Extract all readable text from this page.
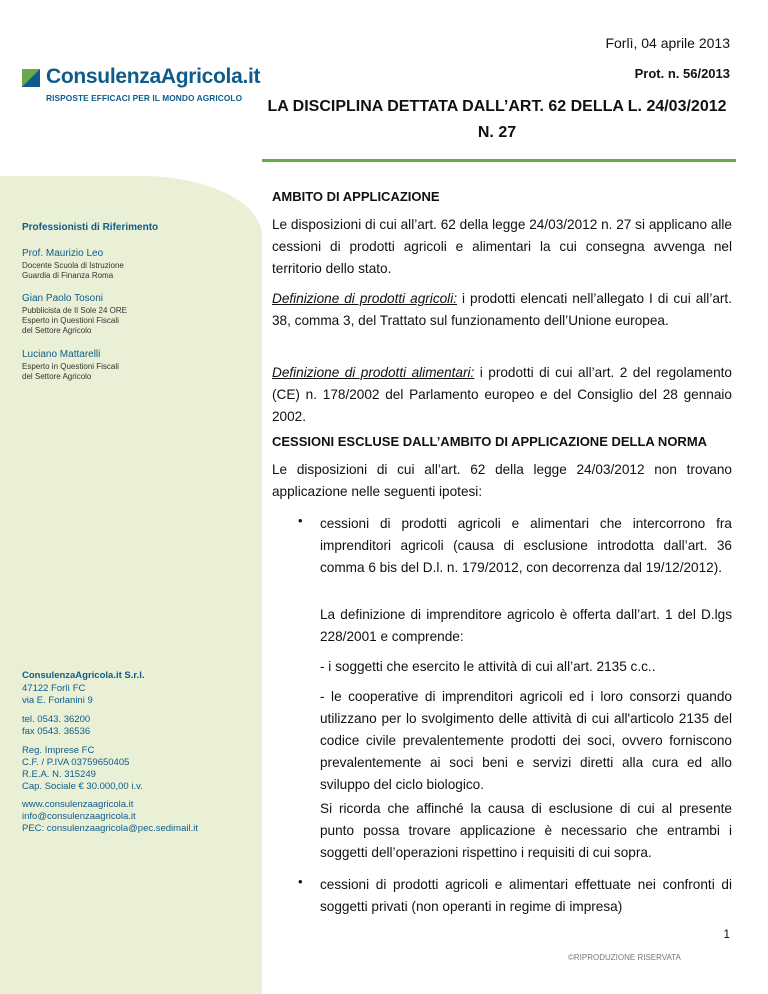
Forlì, 04 aprile 2013
Prot. n. 56/2013
ConsulenzaAgricola.it
RISPOSTE EFFICACI PER IL MONDO AGRICOLO	LA DISCIPLINA DETTATA DALL’ART. 62 DELLA L. 24/03/2012
N. 27
Professionisti di Riferimento
Prof. Maurizio Leo
Docente Scuola di Istruzione
Guardia di Finanza Roma
Gian Paolo Tosoni
Pubblicista de Il Sole 24 ORE
Esperto in Questioni Fiscali
del Settore Agricolo
Luciano Mattarelli
Esperto in Questioni Fiscali
del Settore Agricolo
ConsulenzaAgricola.it S.r.l.
47122 Forlì FC
via E. Forlanini 9
tel. 0543. 36200
fax 0543. 36536
Reg. Imprese FC
C.F. / P.IVA 03759650405
R.E.A. N. 315249
Cap. Sociale € 30.000,00 i.v.
www.consulenzaagricola.it
info@consulenzaagricola.it
PEC: consulenzaagricola@pec.sedimail.it
AMBITO DI APPLICAZIONE
Le disposizioni di cui all’art. 62 della legge 24/03/2012 n. 27 si applicano alle cessioni di prodotti agricoli e alimentari la cui consegna avvenga nel territorio dello stato.
Definizione di prodotti agricoli: i prodotti elencati nell’allegato I di cui all’art. 38, comma 3, del Trattato sul funzionamento dell’Unione europea.
Definizione di prodotti alimentari: i prodotti di cui all’art. 2 del regolamento (CE) n. 178/2002 del Parlamento europeo e del Consiglio del 28 gennaio 2002.
CESSIONI ESCLUSE DALL’AMBITO DI APPLICAZIONE DELLA NORMA
Le disposizioni di cui all’art. 62 della legge 24/03/2012 non trovano applicazione nelle seguenti ipotesi:
• cessioni di prodotti agricoli e alimentari che intercorrono fra imprenditori agricoli (causa di esclusione introdotta dall’art. 36 comma 6 bis del D.l. n. 179/2012, con decorrenza dal 19/12/2012).
La definizione di imprenditore agricolo è offerta dall’art. 1 del D.lgs 228/2001 e comprende:
- i soggetti che esercito le attività di cui all’art. 2135 c.c..
- le cooperative di imprenditori agricoli ed i loro consorzi quando utilizzano per lo svolgimento delle attività di cui all'articolo 2135 del codice civile prevalentemente prodotti dei soci, ovvero forniscono prevalentemente ai soci beni e servizi diretti alla cura ed allo sviluppo del ciclo biologico.
Si ricorda che affinché la causa di esclusione di cui al presente punto possa trovare applicazione è necessario che entrambi i soggetti dell’operazioni rispettino i requisiti di cui sopra.
• cessioni di prodotti agricoli e alimentari effettuate nei confronti di soggetti privati (non operanti in regime di impresa)
1
©RIPRODUZIONE RISERVATA
